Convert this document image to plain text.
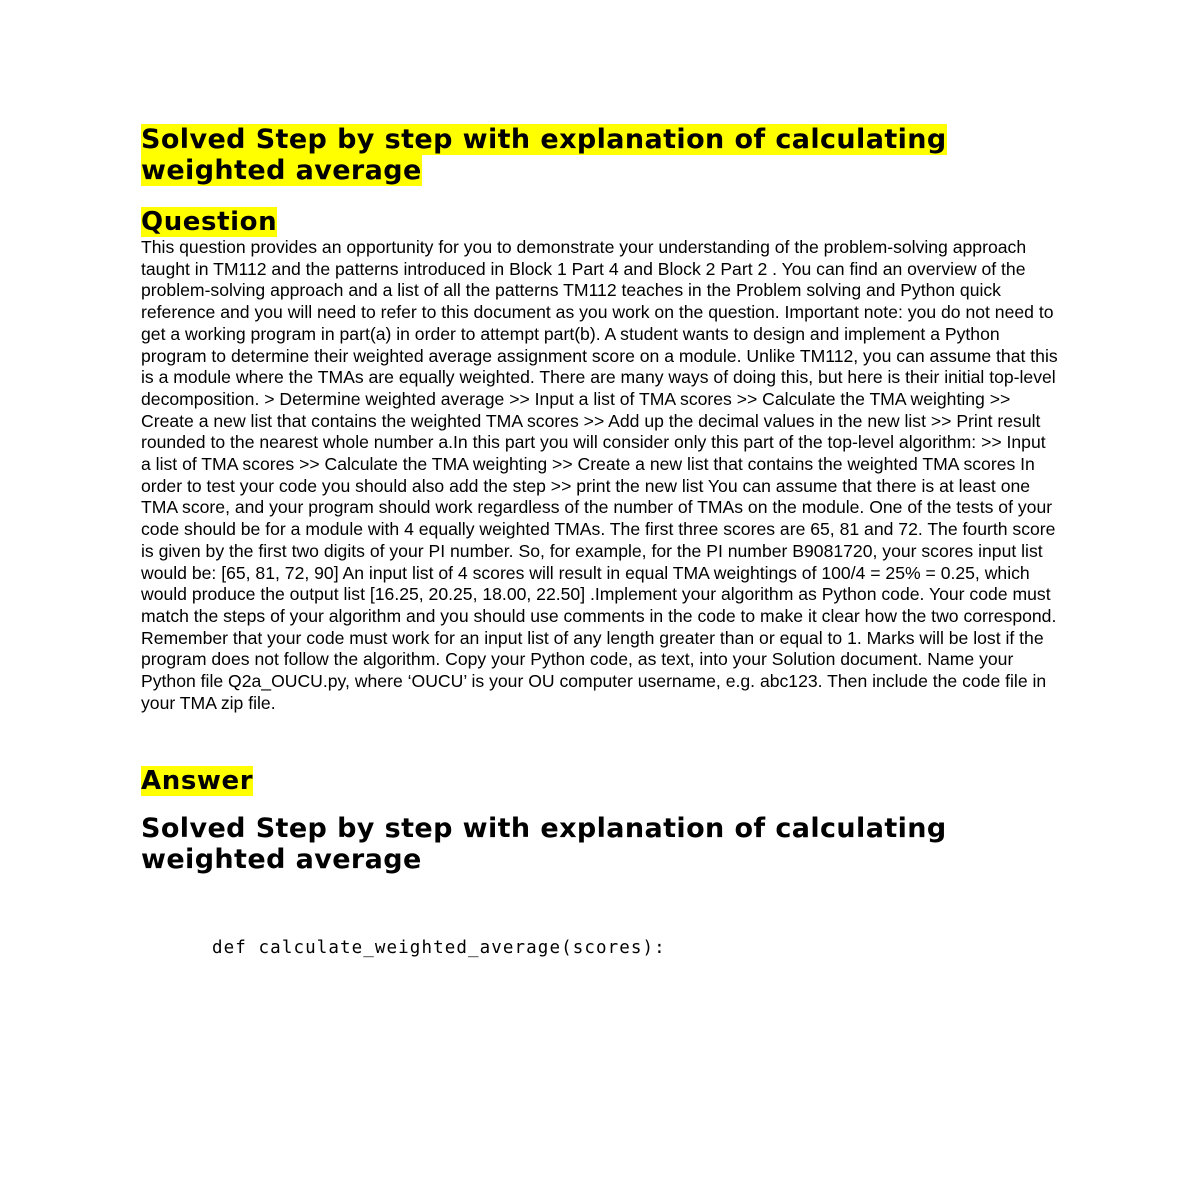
Solved Step by step with explanation of calculating weighted average
Question

This question provides an opportunity for you to demonstrate your understanding of the problem-solving approach taught in TM112 and the patterns introduced in Block 1 Part 4 and Block 2 Part 2 . You can find an overview of the problem-solving approach and a list of all the patterns TM112 teaches in the Problem solving and Python quick reference and you will need to refer to this document as you work on the question. Important note: you do not need to get a working program in part(a) in order to attempt part(b). A student wants to design and implement a Python program to determine their weighted average assignment score on a module. Unlike TM112, you can assume that this is a module where the TMAs are equally weighted. There are many ways of doing this, but here is their initial top-level decomposition. > Determine weighted average >> Input a list of TMA scores >> Calculate the TMA weighting >> Create a new list that contains the weighted TMA scores >> Add up the decimal values in the new list >> Print result rounded to the nearest whole number a.In this part you will consider only this part of the top-level algorithm: >> Input a list of TMA scores >> Calculate the TMA weighting >> Create a new list that contains the weighted TMA scores In order to test your code you should also add the step >> print the new list You can assume that there is at least one TMA score, and your program should work regardless of the number of TMAs on the module. One of the tests of your code should be for a module with 4 equally weighted TMAs. The first three scores are 65, 81 and 72. The fourth score is given by the first two digits of your PI number. So, for example, for the PI number B9081720, your scores input list would be: [65, 81, 72, 90] An input list of 4 scores will result in equal TMA weightings of 100/4 = 25% = 0.25, which would produce the output list [16.25, 20.25, 18.00, 22.50] .Implement your algorithm as Python code. Your code must match the steps of your algorithm and you should use comments in the code to make it clear how the two correspond. Remember that your code must work for an input list of any length greater than or equal to 1. Marks will be lost if the program does not follow the algorithm. Copy your Python code, as text, into your Solution document. Name your Python file Q2a_OUCU.py, where ‘OUCU’ is your OU computer username, e.g. abc123. Then include the code file in your TMA zip file.

Answer
Solved Step by step with explanation of calculating weighted average
def calculate_weighted_average(scores):
